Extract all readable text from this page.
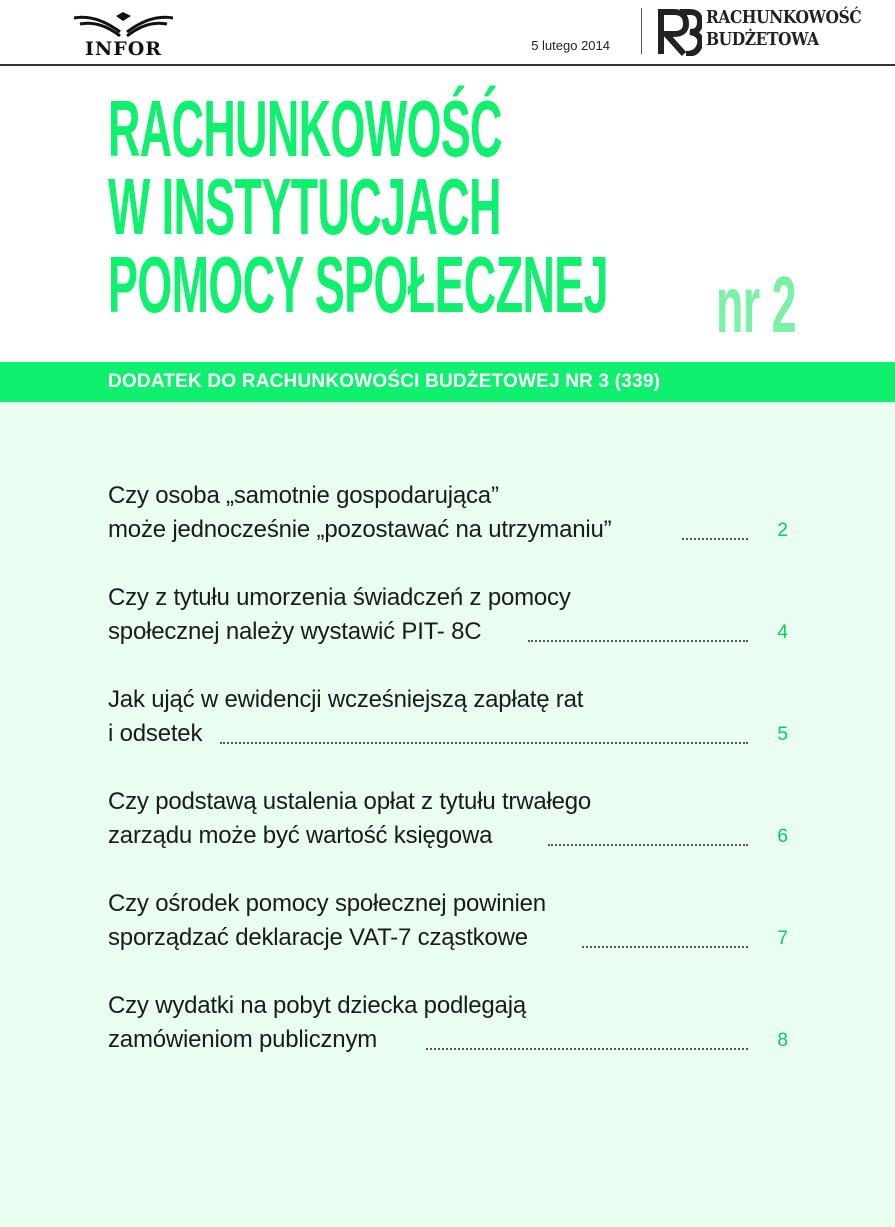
INFOR	5 lutego 2014
RACHUNKOWOŚĆ
BUDŻETOWA
RACHUNKOWOŚĆ
W INSTYTUCJACH
POMOCY SPOŁECZNEJ nr 2
DODATEK DO RACHUNKOWOŚCI BUDŻETOWEJ NR 3 (339)
Czy osoba „samotnie gospodarująca”
może jednocześnie „pozostawać na utrzymaniu”	2
Czy z tytułu umorzenia świadczeń z pomocy
społecznej należy wystawić PIT- 8C	4
Jak ująć w ewidencji wcześniejszą zapłatę rat
i odsetek	5
Czy podstawą ustalenia opłat z tytułu trwałego
zarządu może być wartość księgowa	6
Czy ośrodek pomocy społecznej powinien
sporządzać deklaracje VAT-7 cząstkowe	7
Czy wydatki na pobyt dziecka podlegają
zamówieniom publicznym	8
